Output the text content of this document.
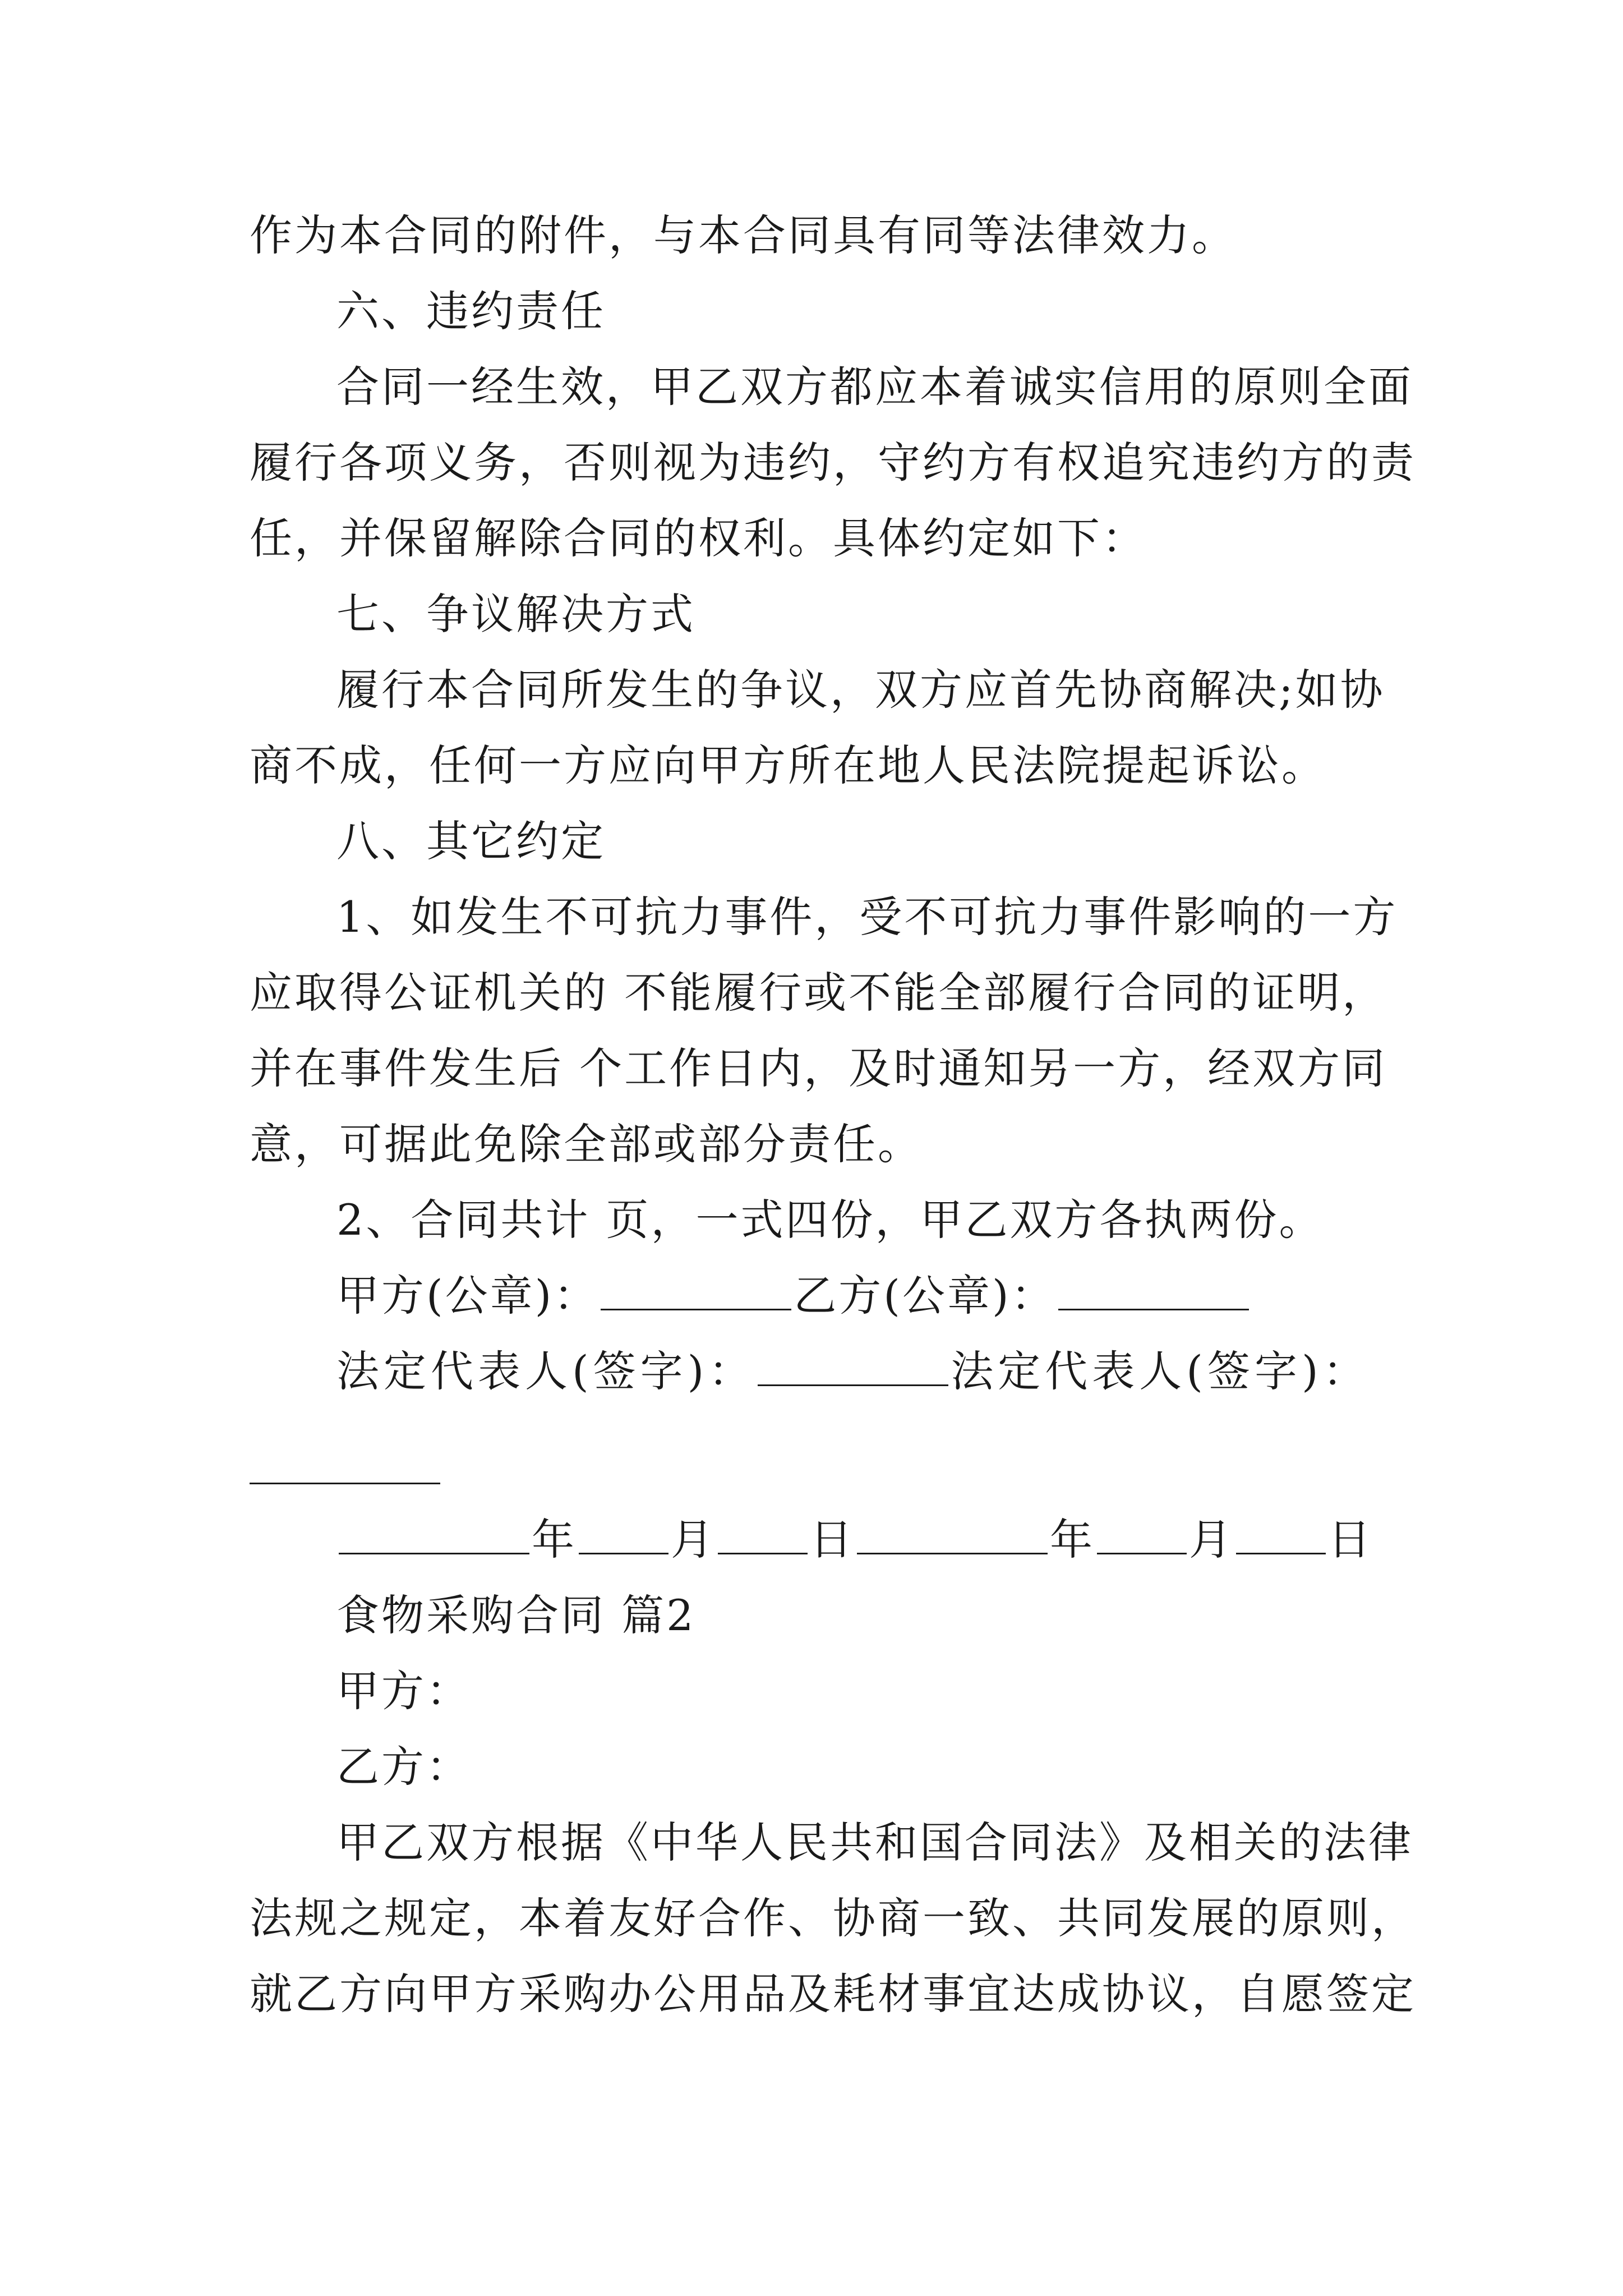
作为本合同的附件，与本合同具有同等法律效力。
六、违约责任
合同一经生效，甲乙双方都应本着诚实信用的原则全面
履行各项义务，否则视为违约，守约方有权追究违约方的责
任，并保留解除合同的权利。具体约定如下：
七、争议解决方式
履行本合同所发生的争议，双方应首先协商解决;如协
商不成，任何一方应向甲方所在地人民法院提起诉讼。
八、其它约定
1、如发生不可抗力事件，受不可抗力事件影响的一方
应取得公证机关的 不能履行或不能全部履行合同的证明，
并在事件发生后 个工作日内，及时通知另一方，经双方同
意，可据此免除全部或部分责任。
2、合同共计 页，一式四份，甲乙双方各执两份。
甲方(公章)：	乙方(公章)：
法定代表人(签字)：	法定代表人(签字)：
年 月 日	年 月 日
食物采购合同 篇2
甲方：
乙方：
甲乙双方根据《中华人民共和国合同法》及相关的法律
法规之规定，本着友好合作、协商一致、共同发展的原则，
就乙方向甲方采购办公用品及耗材事宜达成协议，自愿签定
